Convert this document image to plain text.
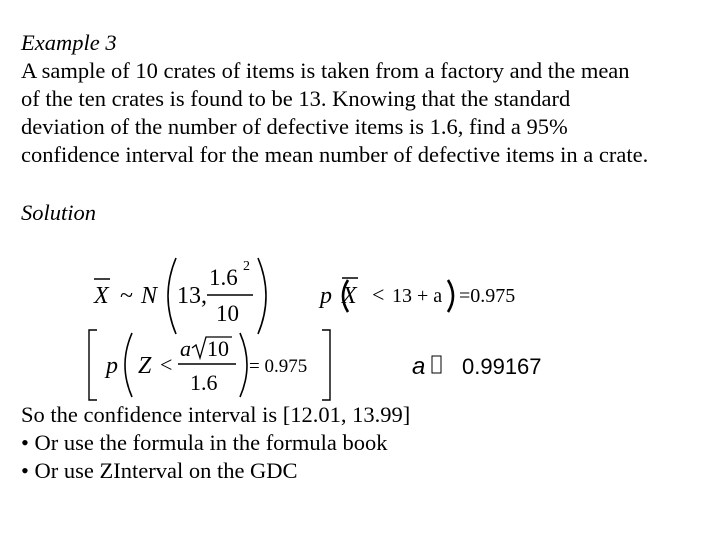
Example 3
A sample of 10 crates of items is taken from a factory and the mean
of the ten crates is found to be 13. Knowing that the standard
deviation of the number of defective items is 1.6, find a 95%
confidence interval for the mean number of defective items in a crate.
Solution
X ~ N 13,
1.6 2
10
p X < 13 + a =0.975
p Z <
a 10
1.6
= 0.975	a 0.99167
So the confidence interval is [12.01, 13.99]
• Or use the formula in the formula book
• Or use ZInterval on the GDC
